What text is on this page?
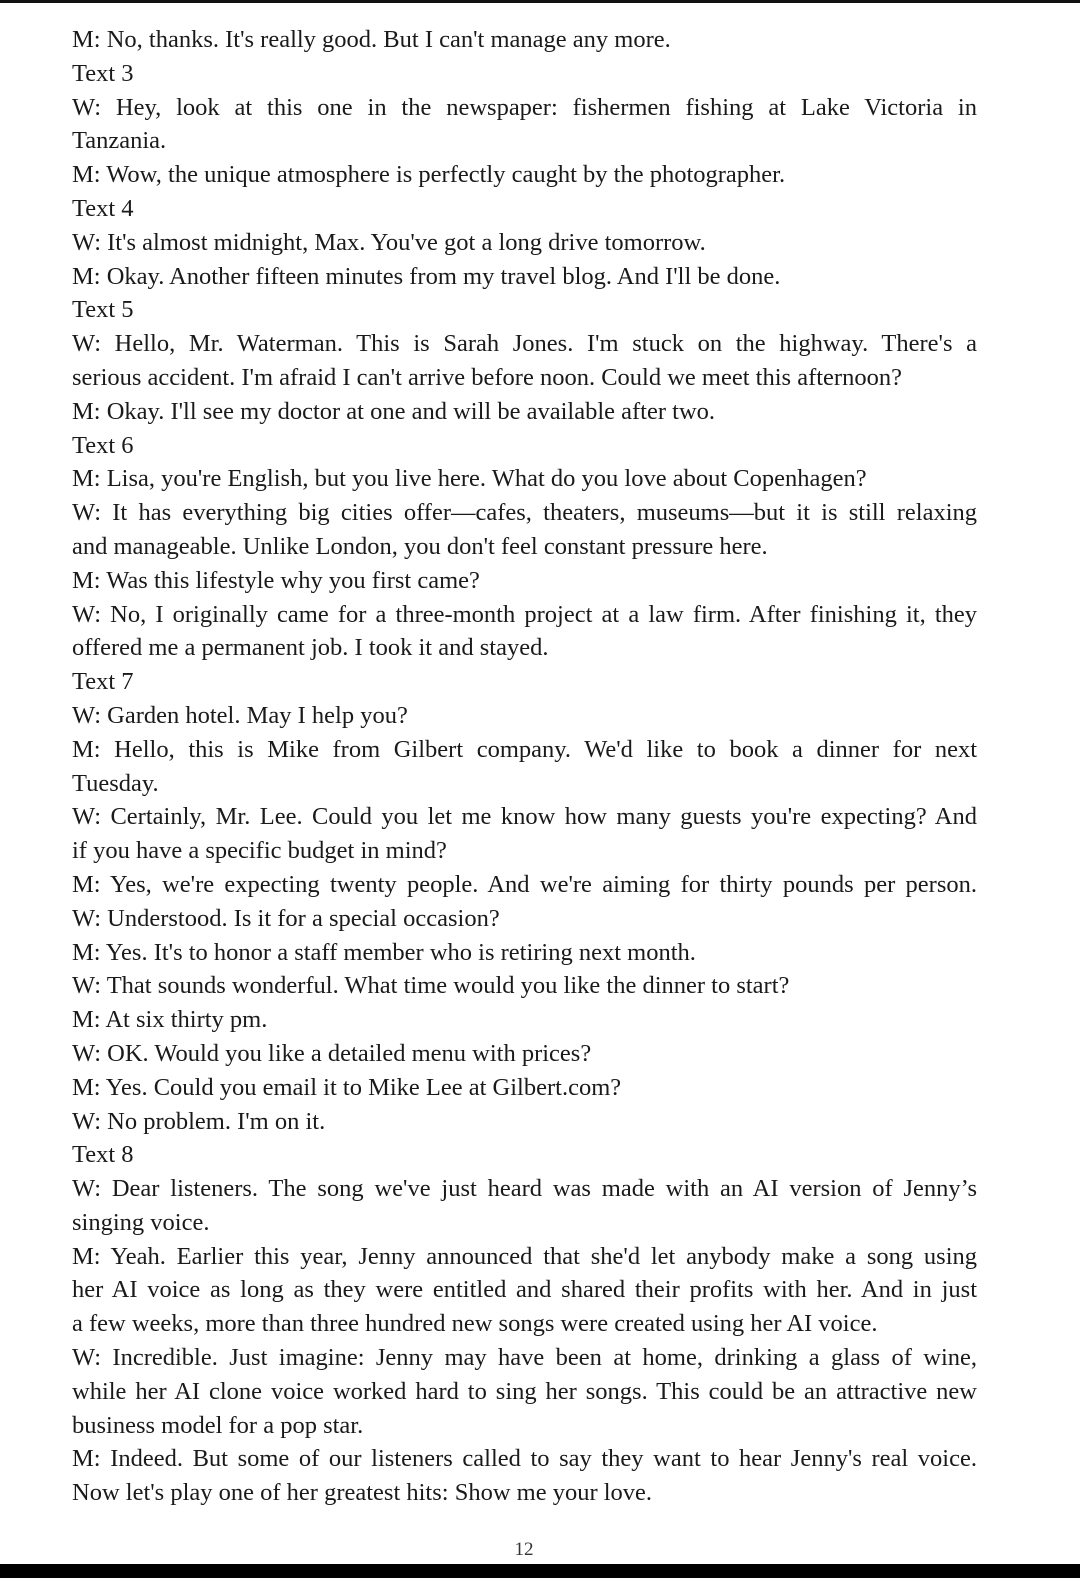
M: No, thanks. It's really good. But I can't manage any more.
Text 3
W: Hey, look at this one in the newspaper: fishermen fishing at Lake Victoria in
Tanzania.
M: Wow, the unique atmosphere is perfectly caught by the photographer.
Text 4
W: It's almost midnight, Max. You've got a long drive tomorrow.
M: Okay. Another fifteen minutes from my travel blog. And I'll be done.
Text 5
W: Hello, Mr. Waterman. This is Sarah Jones. I'm stuck on the highway. There's a
serious accident. I'm afraid I can't arrive before noon. Could we meet this afternoon?
M: Okay. I'll see my doctor at one and will be available after two.
Text 6
M: Lisa, you're English, but you live here. What do you love about Copenhagen?
W: It has everything big cities offer—cafes, theaters, museums—but it is still relaxing
and manageable. Unlike London, you don't feel constant pressure here.
M: Was this lifestyle why you first came?
W: No, I originally came for a three-month project at a law firm. After finishing it, they
offered me a permanent job. I took it and stayed.
Text 7
W: Garden hotel. May I help you?
M: Hello, this is Mike from Gilbert company. We'd like to book a dinner for next
Tuesday.
W: Certainly, Mr. Lee. Could you let me know how many guests you're expecting? And
if you have a specific budget in mind?
M: Yes, we're expecting twenty people. And we're aiming for thirty pounds per person.
W: Understood. Is it for a special occasion?
M: Yes. It's to honor a staff member who is retiring next month.
W: That sounds wonderful. What time would you like the dinner to start?
M: At six thirty pm.
W: OK. Would you like a detailed menu with prices?
M: Yes. Could you email it to Mike Lee at Gilbert.com?
W: No problem. I'm on it.
Text 8
W: Dear listeners. The song we've just heard was made with an AI version of Jenny’s
singing voice.
M: Yeah. Earlier this year, Jenny announced that she'd let anybody make a song using
her AI voice as long as they were entitled and shared their profits with her. And in just
a few weeks, more than three hundred new songs were created using her AI voice.
W: Incredible. Just imagine: Jenny may have been at home, drinking a glass of wine,
while her AI clone voice worked hard to sing her songs. This could be an attractive new
business model for a pop star.
M: Indeed. But some of our listeners called to say they want to hear Jenny's real voice.
Now let's play one of her greatest hits: Show me your love.
12
